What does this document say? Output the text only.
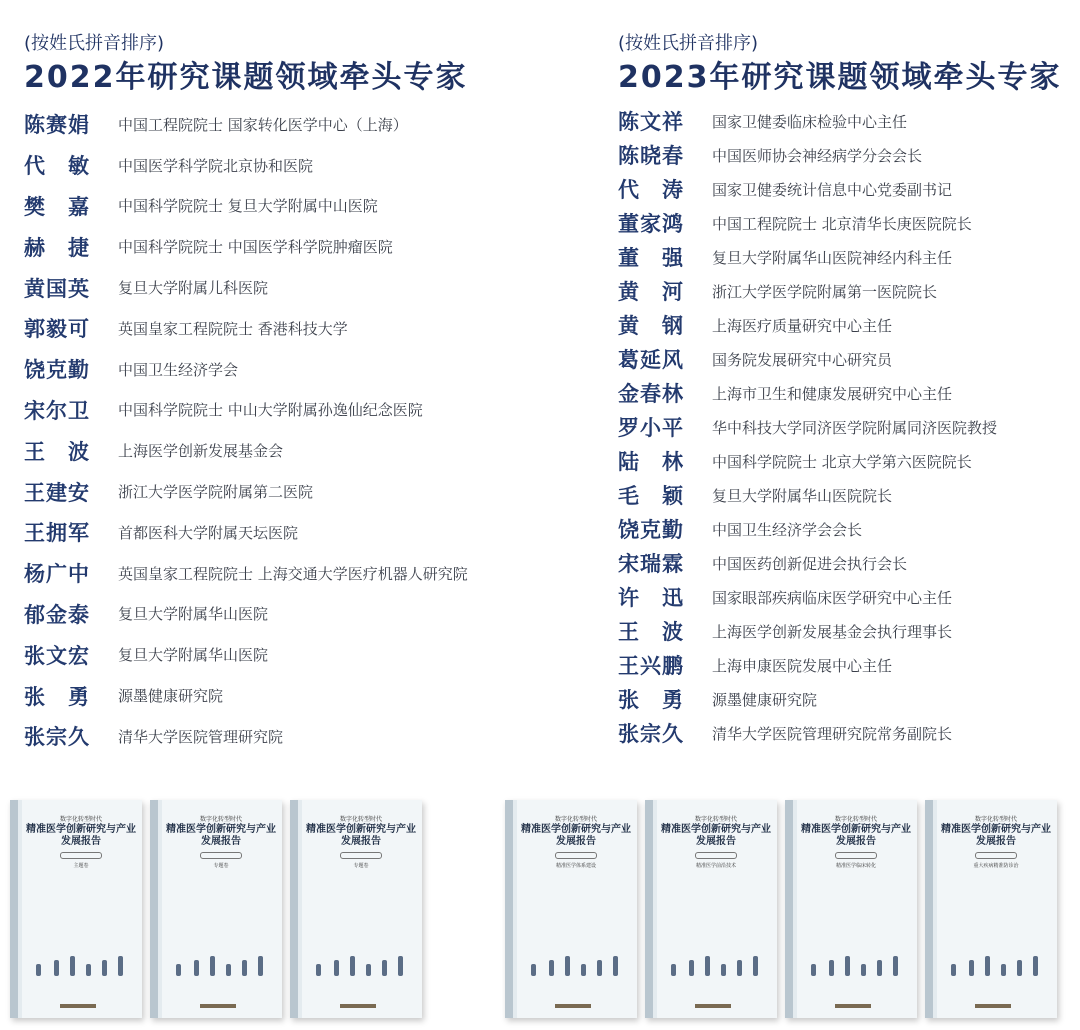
(按姓氏拼音排序)
2022年研究课题领域牵头专家
陈赛娟	中国工程院院士 国家转化医学中心（上海）
代　敏	中国医学科学院北京协和医院
樊　嘉	中国科学院院士 复旦大学附属中山医院
赫　捷	中国科学院院士 中国医学科学院肿瘤医院
黄国英	复旦大学附属儿科医院
郭毅可	英国皇家工程院院士 香港科技大学
饶克勤	中国卫生经济学会
宋尔卫	中国科学院院士 中山大学附属孙逸仙纪念医院
王　波	上海医学创新发展基金会
王建安	浙江大学医学院附属第二医院
王拥军	首都医科大学附属天坛医院
杨广中	英国皇家工程院院士 上海交通大学医疗机器人研究院
郁金泰	复旦大学附属华山医院
张文宏	复旦大学附属华山医院
张　勇	源墨健康研究院
张宗久	清华大学医院管理研究院
(按姓氏拼音排序)
2023年研究课题领域牵头专家
陈文祥	国家卫健委临床检验中心主任
陈晓春	中国医师协会神经病学分会会长
代　涛	国家卫健委统计信息中心党委副书记
董家鸿	中国工程院院士 北京清华长庚医院院长
董　强	复旦大学附属华山医院神经内科主任
黄　河	浙江大学医学院附属第一医院院长
黄　钢	上海医疗质量研究中心主任
葛延风	国务院发展研究中心研究员
金春林	上海市卫生和健康发展研究中心主任
罗小平	华中科技大学同济医学院附属同济医院教授
陆　林	中国科学院院士 北京大学第六医院院长
毛　颖	复旦大学附属华山医院院长
饶克勤	中国卫生经济学会会长
宋瑞霖	中国医药创新促进会执行会长
许　迅	国家眼部疾病临床医学研究中心主任
王　波	上海医学创新发展基金会执行理事长
王兴鹏	上海申康医院发展中心主任
张　勇	源墨健康研究院
张宗久	清华大学医院管理研究院常务副院长
数字化转型时代
精准医学创新研究与产业发展报告
主题卷
数字化转型时代
精准医学创新研究与产业发展报告
专题卷
数字化转型时代
精准医学创新研究与产业发展报告
专题卷
数字化转型时代
精准医学创新研究与产业发展报告
精准医学体系建设
数字化转型时代
精准医学创新研究与产业发展报告
精准医学前沿技术
数字化转型时代
精准医学创新研究与产业发展报告
精准医学临床转化
数字化转型时代
精准医学创新研究与产业发展报告
重大疾病精准防诊治
